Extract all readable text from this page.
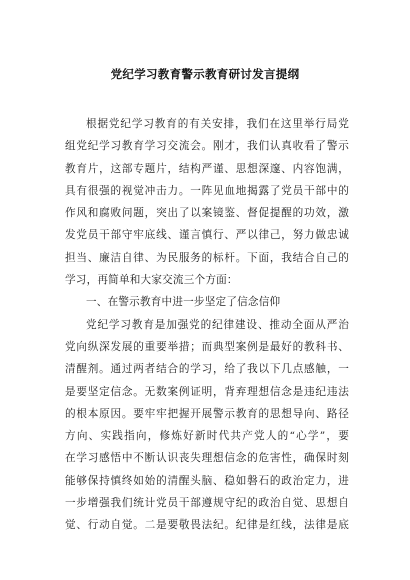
党纪学习教育警示教育研讨发言提纲
根据党纪学习教育的有关安排，我们在这里举行局党
组党纪学习教育学习交流会。刚才，我们认真收看了警示
教育片，这部专题片，结构严谨、思想深邃、内容饱满，
具有很强的视觉冲击力。一阵见血地揭露了党员干部中的
作风和腐败问题，突出了以案镜鉴、督促提醒的功效，激
发党员干部守牢底线、谨言慎行、严以律己，努力做忠诚
担当、廉洁自律、为民服务的标杆。下面，我结合自己的
学习，再简单和大家交流三个方面：
一、在警示教育中进一步坚定了信念信仰
党纪学习教育是加强党的纪律建设、推动全面从严治
党向纵深发展的重要举措；而典型案例是最好的教科书、
清醒剂。通过两者结合的学习，给了我以下几点感触，一
是要坚定信念。无数案例证明，背弃理想信念是违纪违法
的根本原因。要牢牢把握开展警示教育的思想导向、路径
方向、实践指向，修炼好新时代共产党人的“心学”，要
在学习感悟中不断认识丧失理想信念的危害性，确保时刻
能够保持慎终如始的清醒头脑、稳如磐石的政治定力，进
一步增强我们统计党员干部遵规守纪的政治自觉、思想自
觉、行动自觉。二是要敬畏法纪。纪律是红线，法律是底
